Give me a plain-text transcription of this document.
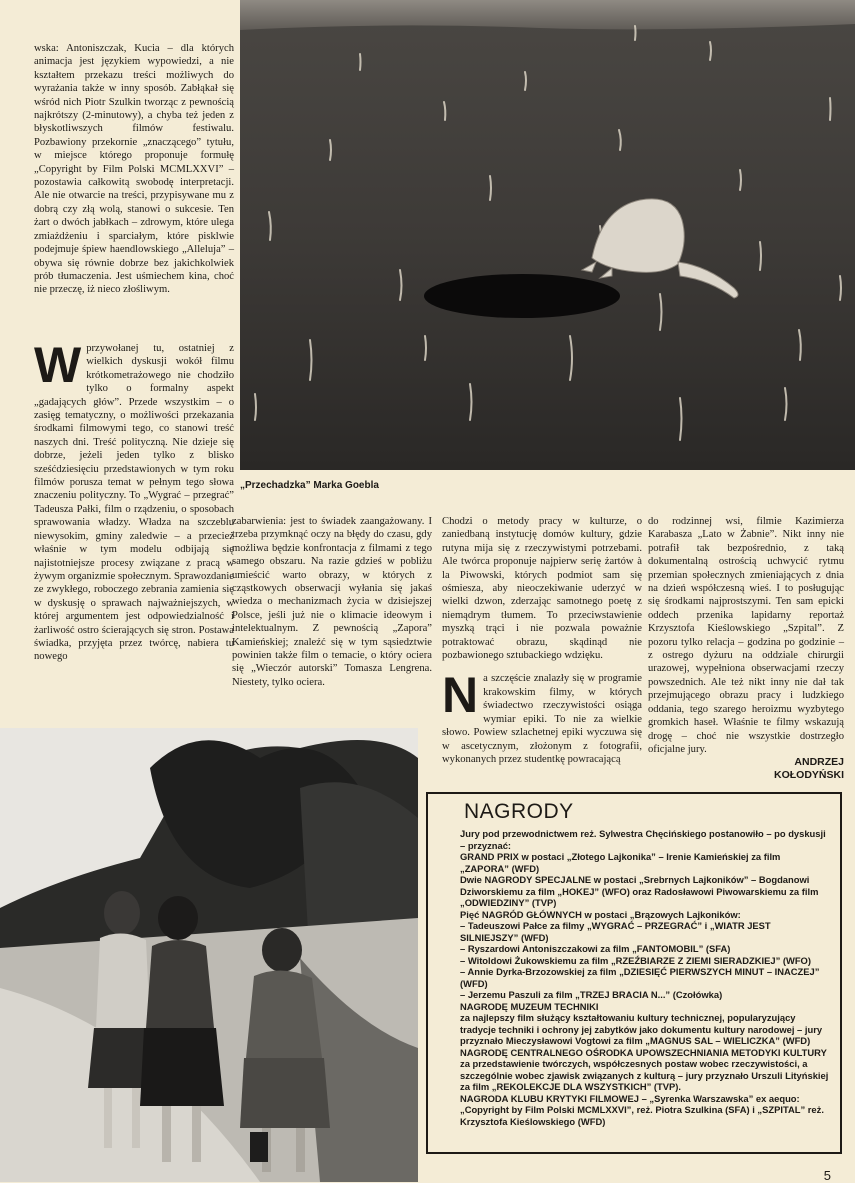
„Przechadzka” Marka Goebla

wska: Antoniszczak, Kucia – dla których animacja jest językiem wypowiedzi, a nie kształtem przekazu treści możliwych do wyrażania także w inny sposób. Zabłąkał się wśród nich Piotr Szulkin tworząc z pewnością najkrótszy (2-minutowy), a chyba też jeden z błyskotliwszych filmów festiwalu. Pozbawiony przekornie „znaczącego” tytułu, w miejsce którego proponuje formułę „Copyright by Film Polski MCMLXXVI” – pozostawia całkowitą swobodę interpretacji. Ale nie otwarcie na treści, przypisywane mu z dobrą czy złą wolą, stanowi o sukcesie. Ten żart o dwóch jabłkach – zdrowym, które ulega zmiażdżeniu i sparciałym, które pisklwie podejmuje śpiew haendlowskiego „Alleluja” – obywa się równie dobrze bez jakichkolwiek prób tłumaczenia. Jest uśmiechem kina, choć nie przeczę, iż nieco złośliwym.

W przywołanej tu, ostatniej z wielkich dyskusji wokół filmu krótkometrażowego nie chodziło tylko o formalny aspekt „gadających głów”. Przede wszystkim – o zasięg tematyczny, o możliwości przekazania środkami filmowymi tego, co stanowi treść naszych dni. Treść polityczną. Nie dzieje się dobrze, jeżeli jeden tylko z blisko sześćdziesięciu przedstawionych w tym roku filmów porusza temat w pełnym tego słowa znaczeniu polityczny. To „Wygrać – przegrać” Tadeusza Pałki, film o rządzeniu, o sposobach sprawowania władzy. Władza na szczeblu niewysokim, gminy zaledwie – a przecież właśnie w tym modelu odbijają się najistotniejsze procesy związane z pracą w żywym organizmie społecznym. Sprawozdanie ze zwykłego, roboczego zebrania zamienia się w dyskusję o sprawach najważniejszych, w której argumentem jest odpowiedzialność i żarliwość ostro ścierających się stron. Postawa świadka, przyjęta przez twórcę, nabiera tu nowego

zabarwienia: jest to świadek zaangażowany. I trzeba przymknąć oczy na błędy do czasu, gdy możliwa będzie konfrontacja z filmami z tego samego obszaru. Na razie gdzieś w pobliżu umieścić warto obrazy, w których z cząstkowych obserwacji wyłania się jakaś wiedza o mechanizmach życia w dzisiejszej Polsce, jeśli już nie o klimacie ideowym i intelektualnym. Z pewnością „Zapora” Kamieńskiej; znaleźć się w tym sąsiedztwie powinien także film o temacie, o który ociera się „Wieczór autorski” Tomasza Lengrena. Niestety, tylko ociera.

Chodzi o metody pracy w kulturze, o zaniedbaną instytucję domów kultury, gdzie rutyna mija się z rzeczywistymi potrzebami. Ale twórca proponuje najpierw serię żartów à la Piwowski, których podmiot sam się ośmiesza, aby nieoczekiwanie uderzyć w wielki dzwon, zderzając samotnego poetę z niemądrym tłumem. To przeciwstawienie myszką trąci i nie pozwala poważnie potraktować obrazu, skądinąd nie pozbawionego sztubackiego wdzięku.

N a szczęście znalazły się w programie krakowskim filmy, w których świadectwo rzeczywistości osiąga wymiar epiki. To nie za wielkie słowo. Powiew szlachetnej epiki wyczuwa się w ascetycznym, złożonym z fotografii, wykonanych przez studentkę powracającą

do rodzinnej wsi, filmie Kazimierza Karabasza „Lato w Żabnie”. Nikt inny nie potrafił tak bezpośrednio, z taką dokumentalną ostrością uchwycić rytmu przemian społecznych zmieniających z dnia na dzień współczesną wieś. I to posługując się środkami najprostszymi. Ten sam epicki oddech przenika lapidarny reportaż Krzysztofa Kieślowskiego „Szpital”. Z pozoru tylko relacja – godzina po godzinie – z ostrego dyżuru na oddziale chirurgii urazowej, wypełniona obserwacjami rzeczy powszednich. Ale też nikt inny nie dał tak przejmującego obrazu pracy i ludzkiego oddania, tego szarego heroizmu wyzbytego gromkich haseł. Właśnie te filmy wskazują drogę – choć nie wszystkie dostrzegło oficjalne jury.

ANDRZEJ
KOŁODYŃSKI
NAGRODY
Jury pod przewodnictwem reż. Sylwestra Chęcińskiego postanowiło – po dyskusji – przyznać:
GRAND PRIX w postaci „Złotego Lajkonika” – Irenie Kamieńskiej za film „ZAPORA” (WFD)
Dwie NAGRODY SPECJALNE w postaci „Srebrnych Lajkoników” – Bogdanowi Dziworskiemu za film „HOKEJ” (WFO) oraz Radosławowi Piwowarskiemu za film „ODWIEDZINY” (TVP)
Pięć NAGRÓD GŁÓWNYCH w postaci „Brązowych Lajkoników:
– Tadeuszowi Pałce za filmy „WYGRAĆ – PRZEGRAĆ” i „WIATR JEST SILNIEJSZY” (WFD)
– Ryszardowi Antoniszczakowi za film „FANTOMOBIL” (SFA)
– Witoldowi Żukowskiemu za film „RZEŹBIARZE Z ZIEMI SIERADZKIEJ” (WFO)
– Annie Dyrka-Brzozowskiej za film „DZIESIĘĆ PIERWSZYCH MINUT – INACZEJ” (WFD)
– Jerzemu Paszuli za film „TRZEJ BRACIA N...” (Czołówka)
NAGRODĘ MUZEUM TECHNIKI
za najlepszy film służący kształtowaniu kultury technicznej, popularyzujący tradycje techniki i ochrony jej zabytków jako dokumentu kultury narodowej – jury przyznało Mieczysławowi Vogtowi za film „MAGNUS SAL – WIELICZKA” (WFD)
NAGRODĘ CENTRALNEGO OŚRODKA UPOWSZECHNIANIA METODYKI KULTURY za przedstawienie twórczych, współczesnych postaw wobec rzeczywistości, a szczególnie wobec zjawisk związanych z kulturą – jury przyznało Urszuli Lityńskiej za film „REKOLEKCJE DLA WSZYSTKICH” (TVP).
NAGRODA KLUBU KRYTYKI FILMOWEJ – „Syrenka Warszawska” ex aequo:
„Copyright by Film Polski MCMLXXVI”, reż. Piotra Szulkina (SFA) i „SZPITAL” reż. Krzysztofa Kieślowskiego (WFD)
5
